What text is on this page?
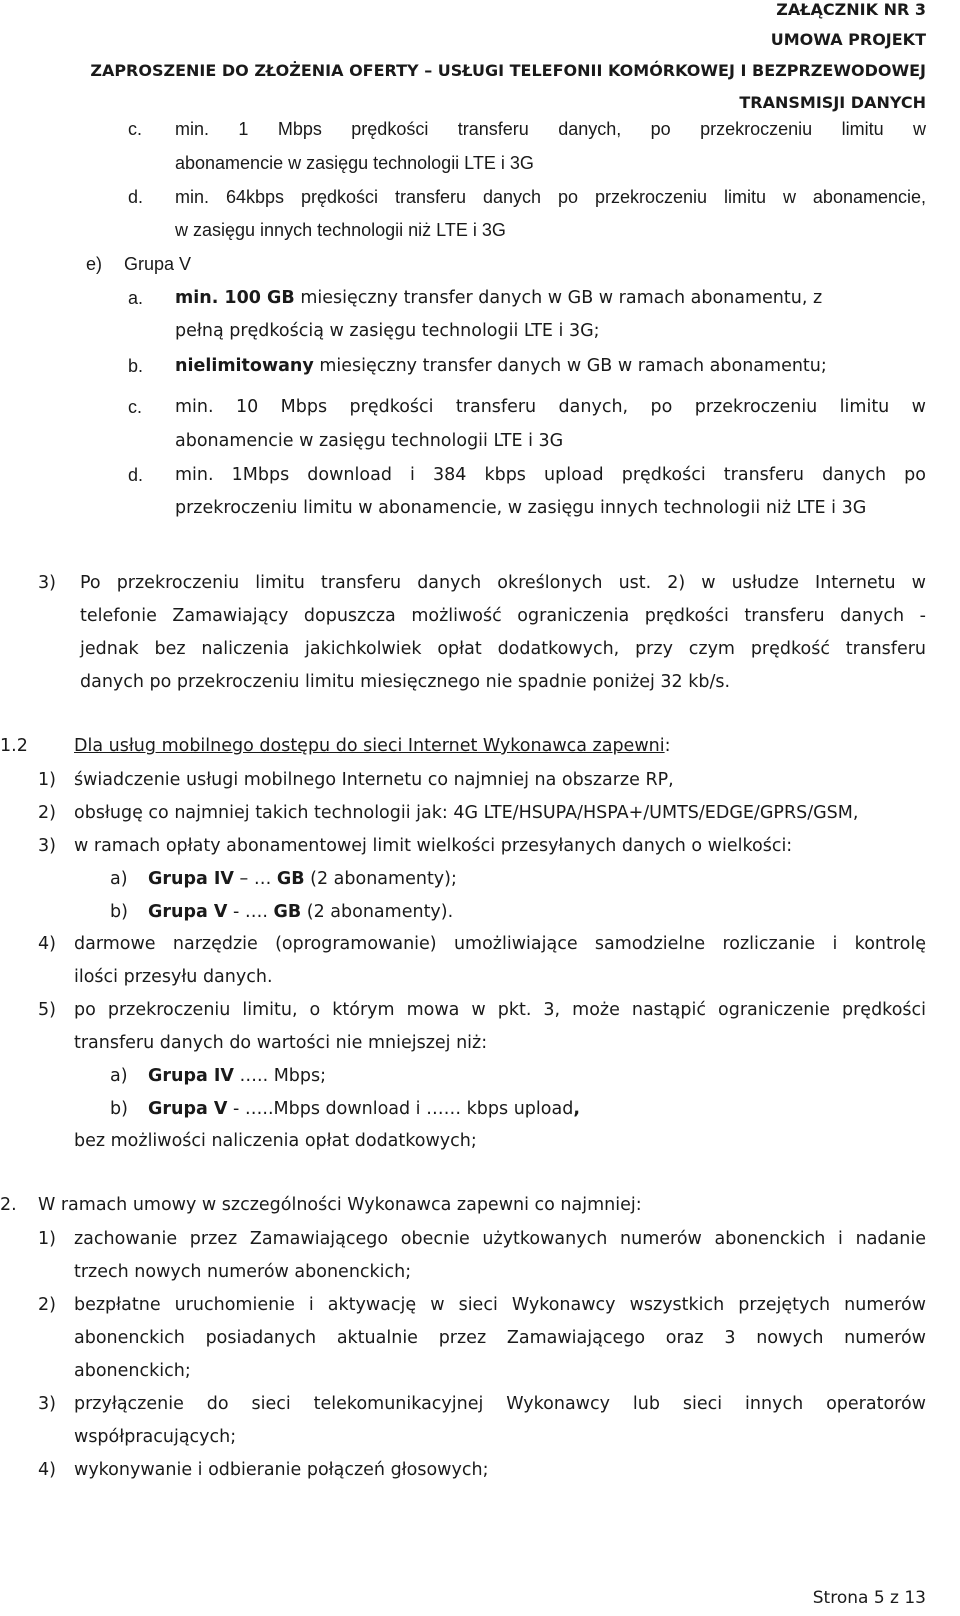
ZAŁĄCZNIK NR 3
UMOWA PROJEKT
ZAPROSZENIE DO ZŁOŻENIA OFERTY – USŁUGI TELEFONII KOMÓRKOWEJ I BEZPRZEWODOWEJ
TRANSMISJI DANYCH
c. min. 1 Mbps prędkości transferu danych, po przekroczeniu limitu w
abonamencie w zasięgu technologii LTE i 3G
d. min. 64kbps prędkości transferu danych po przekroczeniu limitu w abonamencie,
w zasięgu innych technologii niż LTE i 3G
e) Grupa V
a. min. 100 GB miesięczny transfer danych w GB w ramach abonamentu, z
pełną prędkością w zasięgu technologii LTE i 3G;
b. nielimitowany miesięczny transfer danych w GB w ramach abonamentu;
c. min. 10 Mbps prędkości transferu danych, po przekroczeniu limitu w
abonamencie w zasięgu technologii LTE i 3G
d. min. 1Mbps download i 384 kbps upload prędkości transferu danych po
przekroczeniu limitu w abonamencie, w zasięgu innych technologii niż LTE i 3G
3) Po przekroczeniu limitu transferu danych określonych ust. 2) w usłudze Internetu w
telefonie Zamawiający dopuszcza możliwość ograniczenia prędkości transferu danych -
jednak bez naliczenia jakichkolwiek opłat dodatkowych, przy czym prędkość transferu
danych po przekroczeniu limitu miesięcznego nie spadnie poniżej 32 kb/s.
1.2	Dla usług mobilnego dostępu do sieci Internet Wykonawca zapewni:
1) świadczenie usługi mobilnego Internetu co najmniej na obszarze RP,
2) obsługę co najmniej takich technologii jak: 4G LTE/HSUPA/HSPA+/UMTS/EDGE/GPRS/GSM,
3) w ramach opłaty abonamentowej limit wielkości przesyłanych danych o wielkości:
a) Grupa IV – … GB (2 abonamenty);
b) Grupa V - …. GB (2 abonamenty).
4) darmowe narzędzie (oprogramowanie) umożliwiające samodzielne rozliczanie i kontrolę
ilości przesyłu danych.
5) po przekroczeniu limitu, o którym mowa w pkt. 3, może nastąpić ograniczenie prędkości
transferu danych do wartości nie mniejszej niż:
a) Grupa IV ….. Mbps;
b) Grupa V - …..Mbps download i …… kbps upload,
bez możliwości naliczenia opłat dodatkowych;
2. W ramach umowy w szczególności Wykonawca zapewni co najmniej:
1) zachowanie przez Zamawiającego obecnie użytkowanych numerów abonenckich i nadanie
trzech nowych numerów abonenckich;
2) bezpłatne uruchomienie i aktywację w sieci Wykonawcy wszystkich przejętych numerów
abonenckich posiadanych aktualnie przez Zamawiającego oraz 3 nowych numerów
abonenckich;
3) przyłączenie do sieci telekomunikacyjnej Wykonawcy lub sieci innych operatorów
współpracujących;
4) wykonywanie i odbieranie połączeń głosowych;
Strona 5 z 13
